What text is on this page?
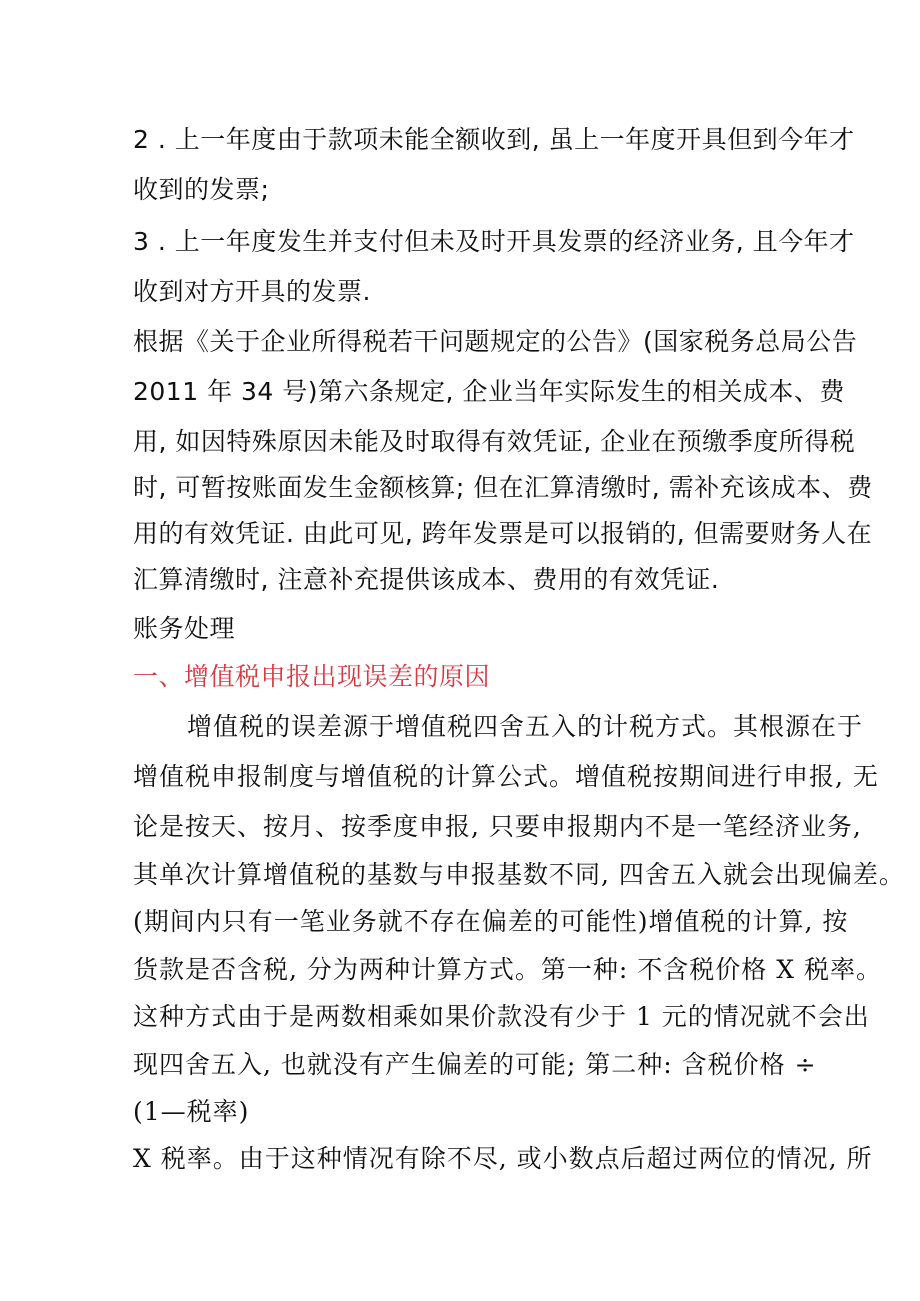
2 . 上一年度由于款项未能全额收到, 虽上一年度开具但到今年才
收到的发票;
3 . 上一年度发生并支付但未及时开具发票的经济业务, 且今年才
收到对方开具的发票.
根据《关于企业所得税若干问题规定的公告》(国家税务总局公告
2011 年 34 号)第六条规定, 企业当年实际发生的相关成本、费
用, 如因特殊原因未能及时取得有效凭证, 企业在预缴季度所得税
时, 可暂按账面发生金额核算; 但在汇算清缴时, 需补充该成本、费
用的有效凭证. 由此可见, 跨年发票是可以报销的, 但需要财务人在
汇算清缴时, 注意补充提供该成本、费用的有效凭证.
账务处理
一、增值税申报出现误差的原因
增值税的误差源于增值税四舍五入的计税方式。其根源在于
增值税申报制度与增值税的计算公式。增值税按期间进行申报, 无
论是按天、按月、按季度申报, 只要申报期内不是一笔经济业务,
其单次计算增值税的基数与申报基数不同, 四舍五入就会出现偏差。
(期间内只有一笔业务就不存在偏差的可能性)增值税的计算, 按
货款是否含税, 分为两种计算方式。第一种: 不含税价格 X 税率。
这种方式由于是两数相乘如果价款没有少于 1 元的情况就不会出
现四舍五入, 也就没有产生偏差的可能; 第二种: 含税价格 ÷
(1—税率)
X 税率。由于这种情况有除不尽, 或小数点后超过两位的情况, 所
